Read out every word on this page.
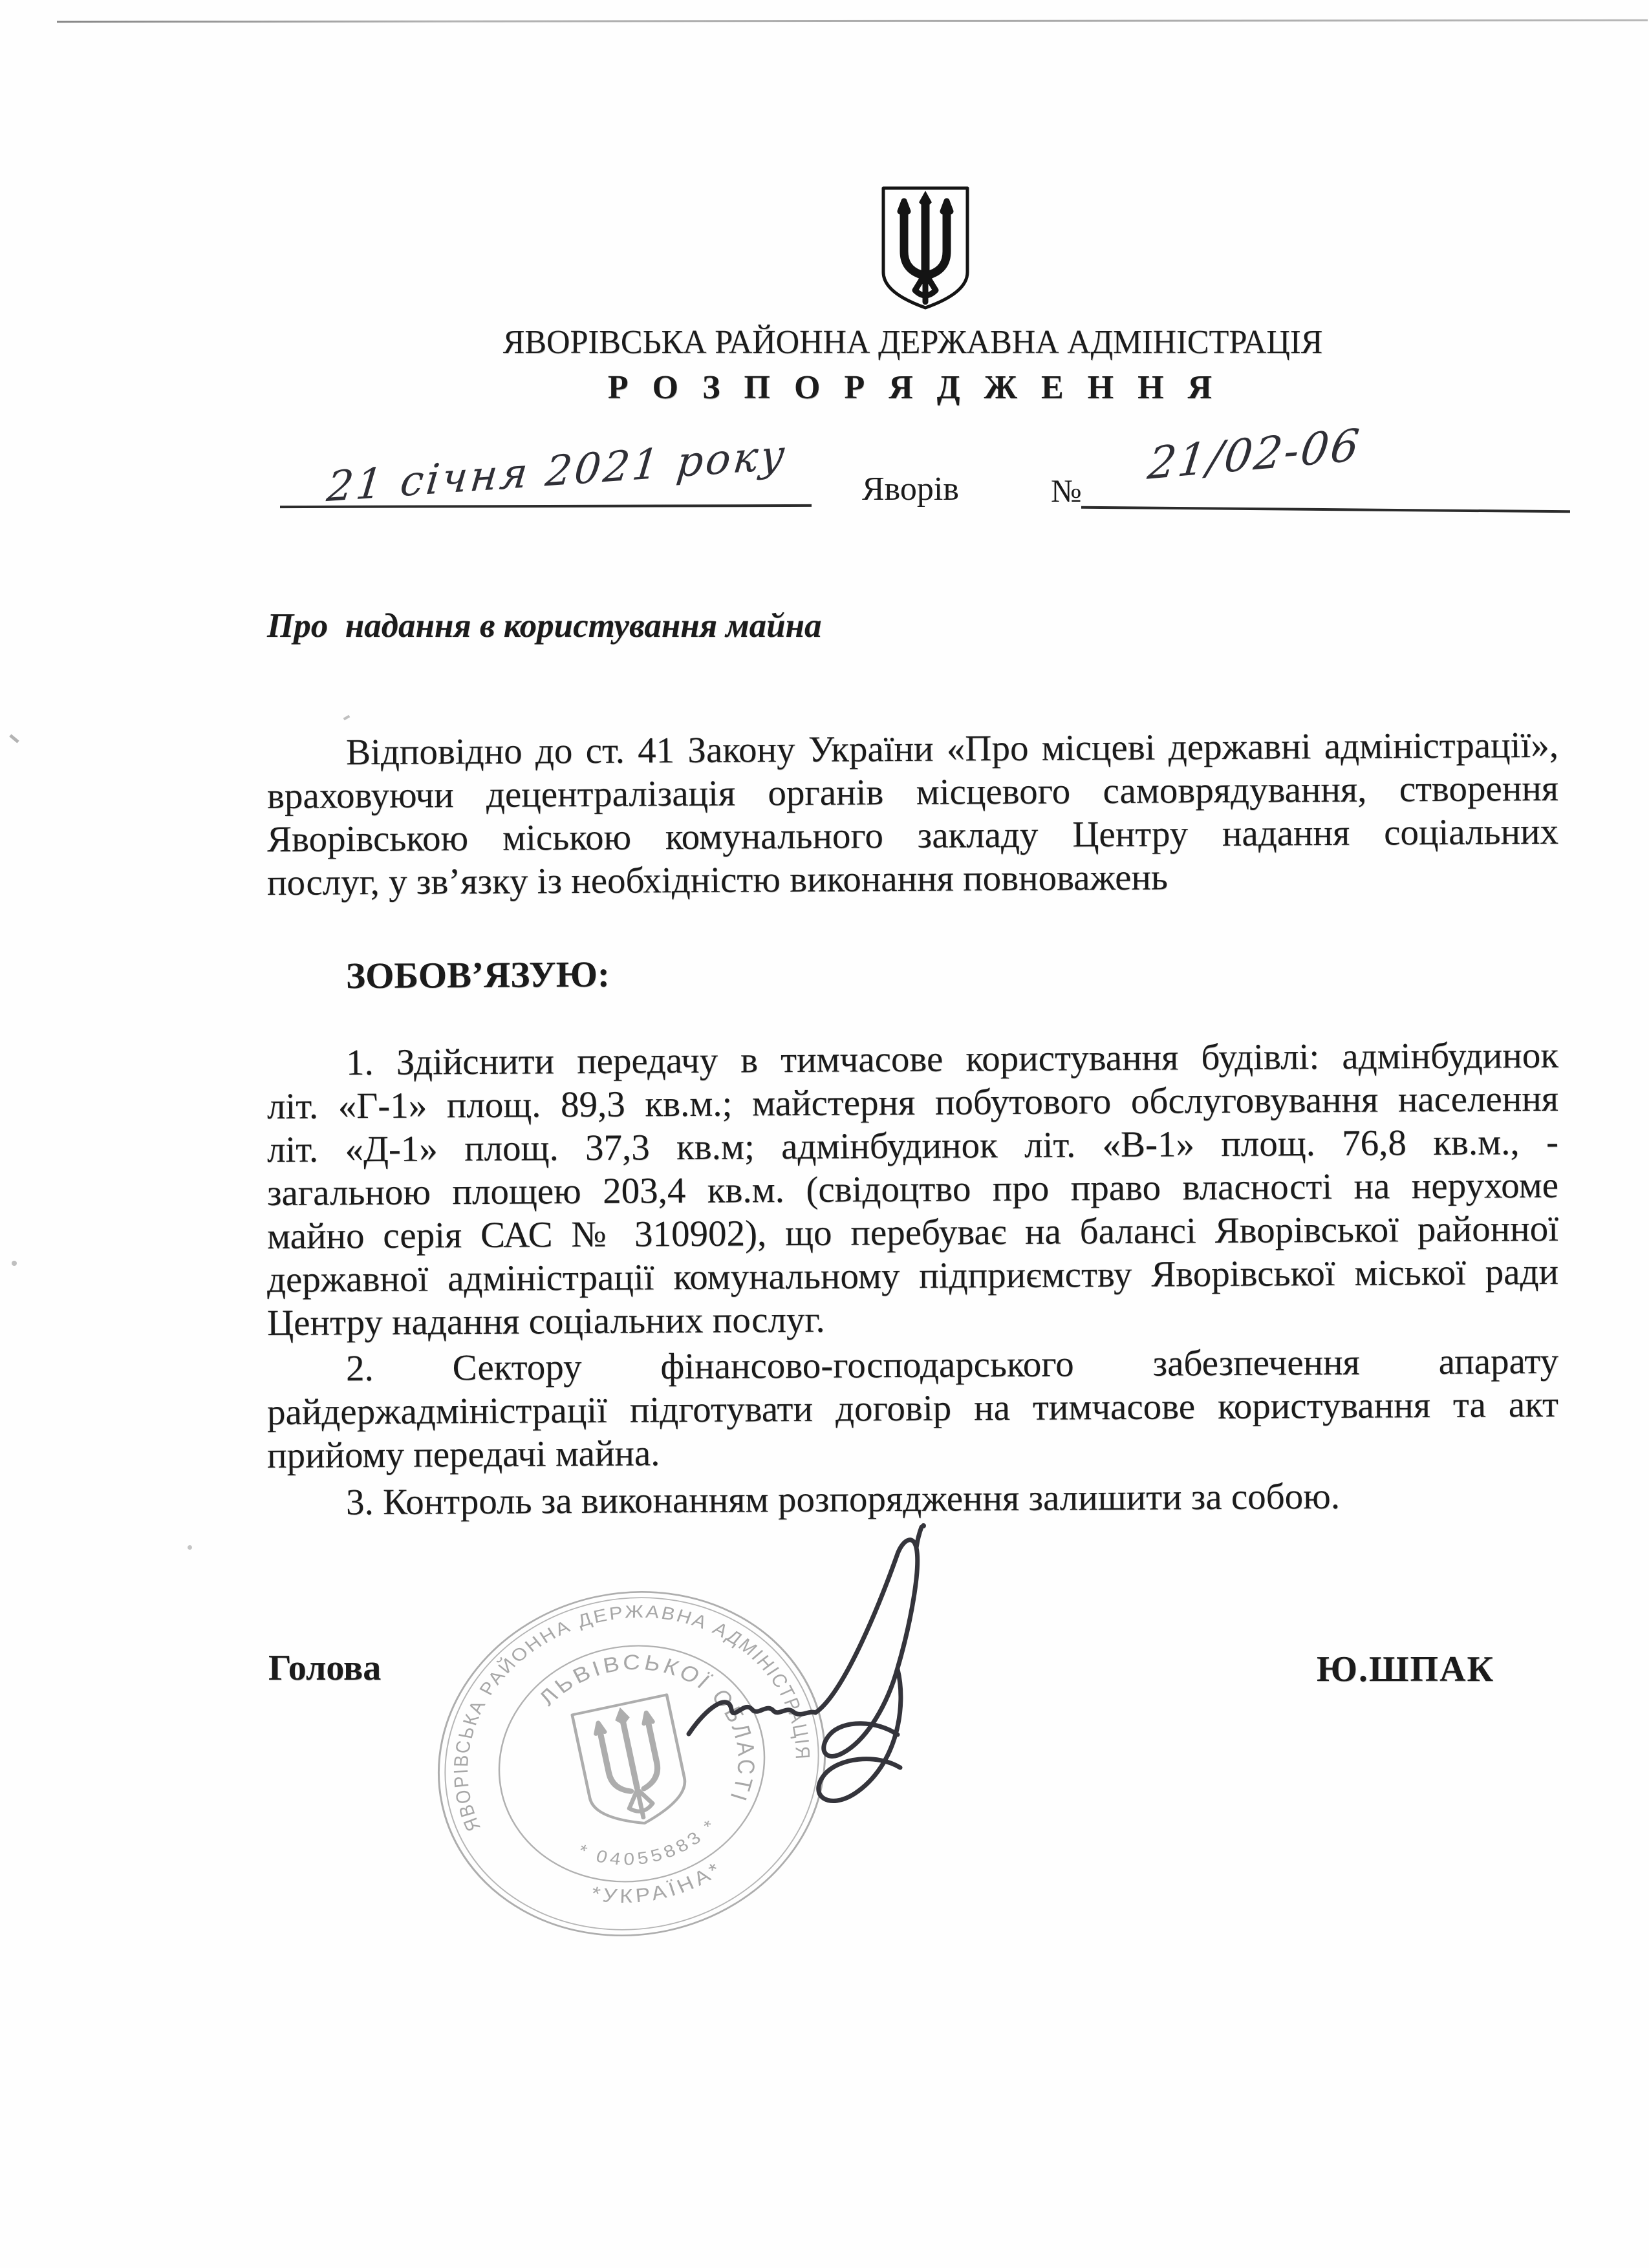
ЯВОРІВСЬКА РАЙОННА ДЕРЖАВНА АДМІНІСТРАЦІЯ
Р О З П О Р Я Д Ж Е Н Н Я
21 січня 2021 року Яворів	№
21/02-06
Про  надання в користування майна
Відповідно до ст. 41 Закону України «Про місцеві державні адміністрації»,
враховуючи децентралізація органів місцевого самоврядування, створення
Яворівською міською комунального закладу Центру надання соціальних
послуг, у зв’язку із необхідністю виконання повноважень
ЗОБОВ’ЯЗУЮ:
1. Здійснити передачу в тимчасове користування будівлі: адмінбудинок
літ. «Г-1» площ. 89,3 кв.м.; майстерня побутового обслуговування населення
літ. «Д-1» площ. 37,3 кв.м; адмінбудинок літ. «В-1» площ. 76,8 кв.м., -
загальною площею 203,4 кв.м. (свідоцтво про право власності на нерухоме
майно серія САС № 310902), що перебуває на балансі Яворівської районної
державної адміністрації комунальному підприємству Яворівської міської ради
Центру надання соціальних послуг.
2. Сектору фінансово-господарського забезпечення апарату
райдержадміністрації підготувати договір на тимчасове користування та акт
прийому передачі майна.
3. Контроль за виконанням розпорядження залишити за собою.
Голова	Ю.ШПАК
ЯВОРІВСЬКА РАЙОННА ДЕРЖАВНА АДМІНІСТРАЦІЯ
ЛЬВІВСЬКОЇ ОБЛАСТІ
* 04055883 *
*УКРАЇНА*
